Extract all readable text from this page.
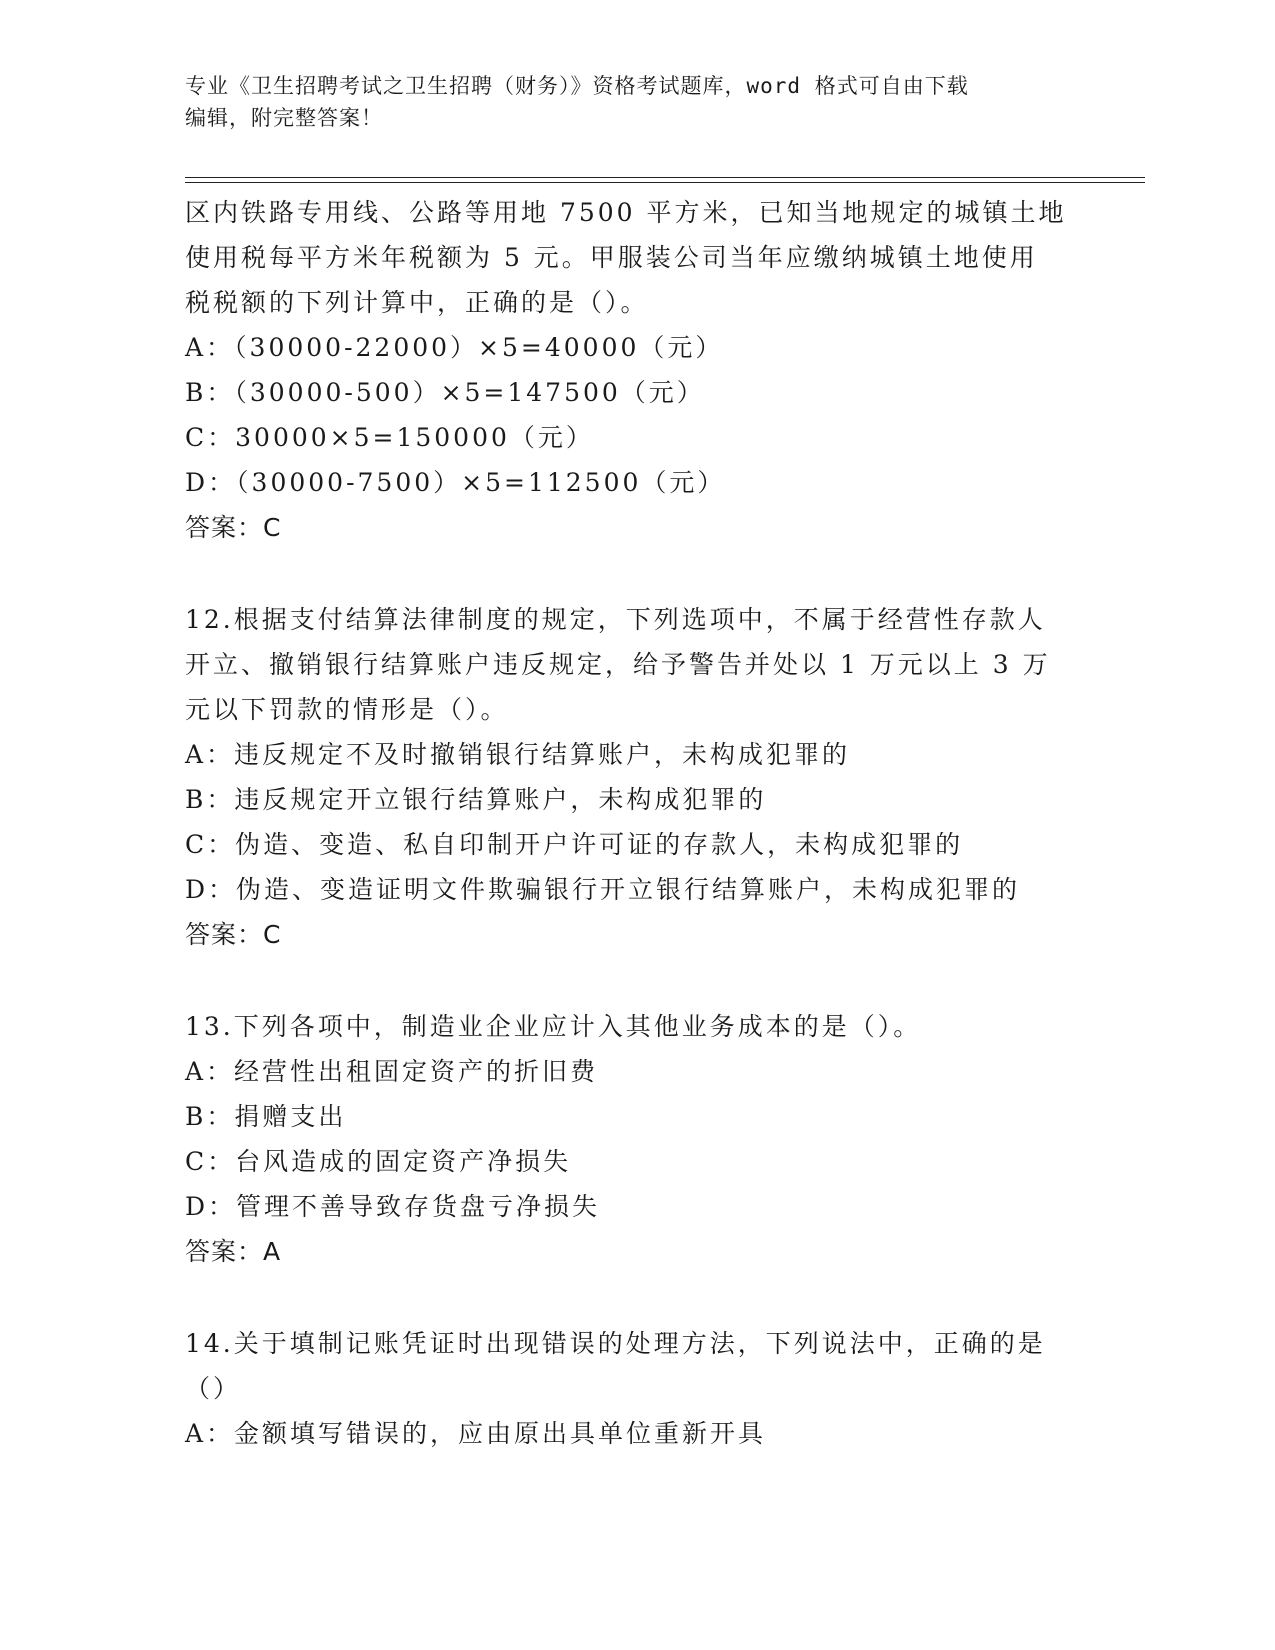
专业《卫生招聘考试之卫生招聘（财务）》资格考试题库，word 格式可自由下载
编辑，附完整答案！
区内铁路专用线、公路等用地 7500 平方米，已知当地规定的城镇土地
使用税每平方米年税额为 5 元。甲服装公司当年应缴纳城镇土地使用
税税额的下列计算中，正确的是（）。
A：（30000-22000）×5=40000（元）
B：（30000-500）×5=147500（元）
C：30000×5=150000（元）
D：（30000-7500）×5=112500（元）
答案：C
12.根据支付结算法律制度的规定，下列选项中，不属于经营性存款人
开立、撤销银行结算账户违反规定，给予警告并处以 1 万元以上 3 万
元以下罚款的情形是（）。
A：违反规定不及时撤销银行结算账户，未构成犯罪的
B：违反规定开立银行结算账户，未构成犯罪的
C：伪造、变造、私自印制开户许可证的存款人，未构成犯罪的
D：伪造、变造证明文件欺骗银行开立银行结算账户，未构成犯罪的
答案：C
13.下列各项中，制造业企业应计入其他业务成本的是（）。
A：经营性出租固定资产的折旧费
B：捐赠支出
C：台风造成的固定资产净损失
D：管理不善导致存货盘亏净损失
答案：A
14.关于填制记账凭证时出现错误的处理方法，下列说法中，正确的是
（）
A：金额填写错误的，应由原出具单位重新开具
